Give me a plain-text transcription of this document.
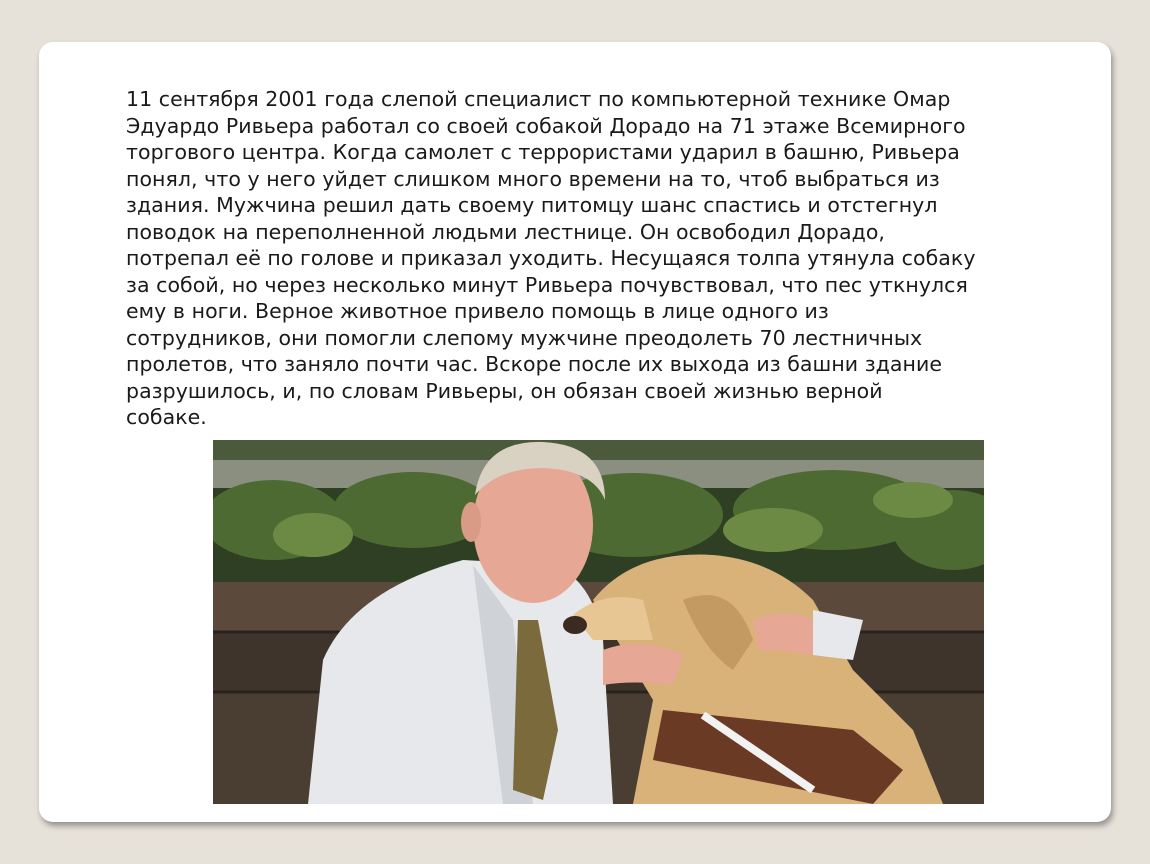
11 сентября 2001 года слепой специалист по компьютерной технике Омар
Эдуардо Ривьера работал со своей собакой Дорадо на 71 этаже Всемирного
торгового центра. Когда самолет с террористами ударил в башню, Ривьера
понял, что у него уйдет слишком много времени на то, чтоб выбраться из
здания. Мужчина решил дать своему питомцу шанс спастись и отстегнул
поводок на переполненной людьми лестнице. Он освободил Дорадо,
потрепал её по голове и приказал уходить. Несущаяся толпа утянула собаку
за собой, но через несколько минут Ривьера почувствовал, что пес уткнулся
ему в ноги. Верное животное привело помощь в лице одного из
сотрудников, они помогли слепому мужчине преодолеть 70 лестничных
пролетов, что заняло почти час. Вскоре после их выхода из башни здание
разрушилось, и, по словам Ривьеры, он обязан своей жизнью верной
собаке.
